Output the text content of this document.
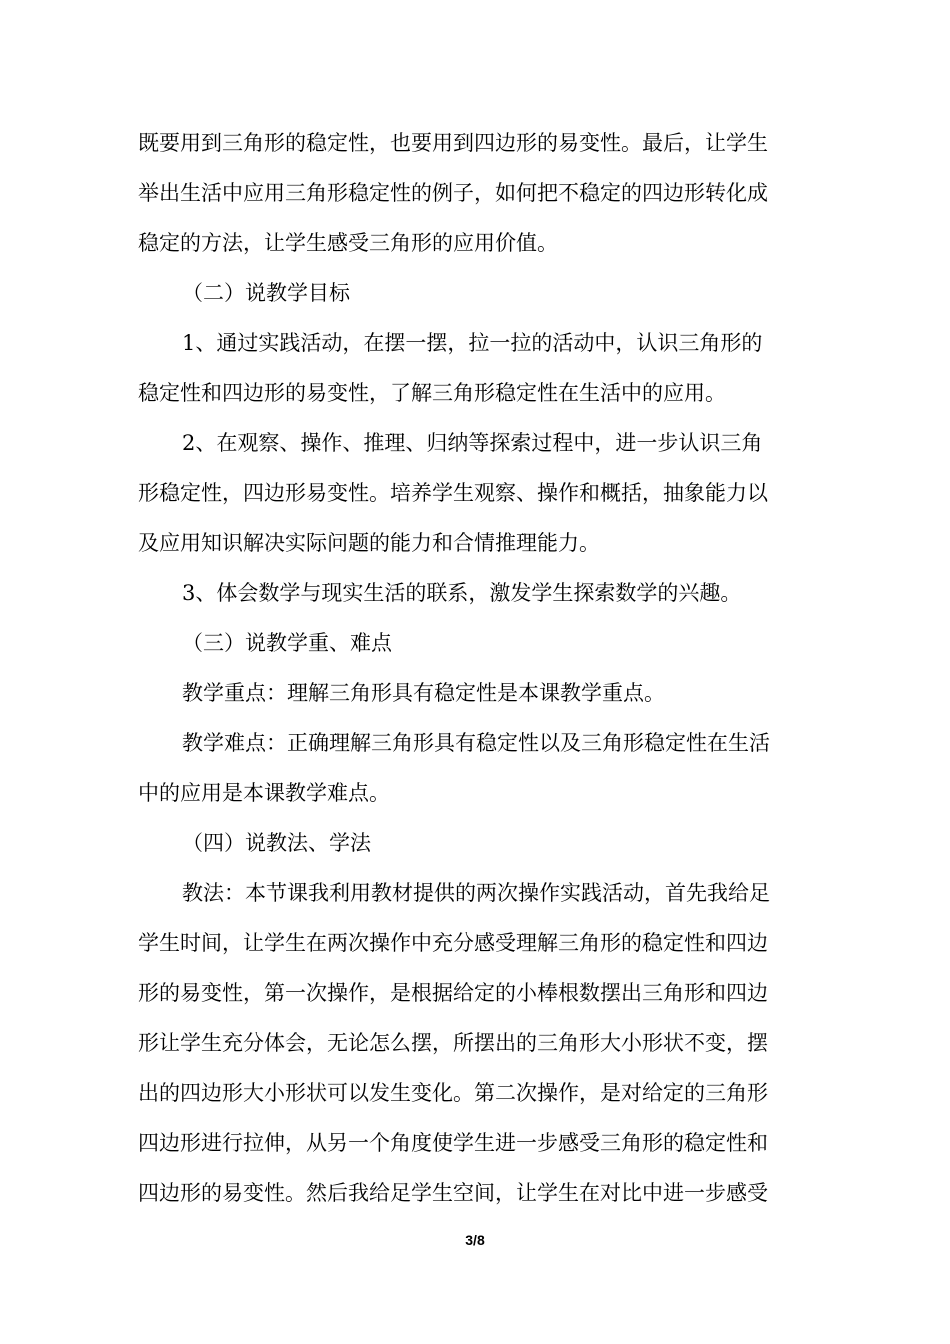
既要用到三角形的稳定性，也要用到四边形的易变性。最后，让学生
举出生活中应用三角形稳定性的例子，如何把不稳定的四边形转化成
稳定的方法，让学生感受三角形的应用价值。
（二）说教学目标
1、通过实践活动，在摆一摆，拉一拉的活动中，认识三角形的
稳定性和四边形的易变性，了解三角形稳定性在生活中的应用。
2、在观察、操作、推理、归纳等探索过程中，进一步认识三角
形稳定性，四边形易变性。培养学生观察、操作和概括，抽象能力以
及应用知识解决实际问题的能力和合情推理能力。
3、体会数学与现实生活的联系，激发学生探索数学的兴趣。
（三）说教学重、难点
教学重点：理解三角形具有稳定性是本课教学重点。
教学难点：正确理解三角形具有稳定性以及三角形稳定性在生活
中的应用是本课教学难点。
（四）说教法、学法
教法：本节课我利用教材提供的两次操作实践活动，首先我给足
学生时间，让学生在两次操作中充分感受理解三角形的稳定性和四边
形的易变性，第一次操作，是根据给定的小棒根数摆出三角形和四边
形让学生充分体会，无论怎么摆，所摆出的三角形大小形状不变，摆
出的四边形大小形状可以发生变化。第二次操作，是对给定的三角形
四边形进行拉伸，从另一个角度使学生进一步感受三角形的稳定性和
四边形的易变性。然后我给足学生空间，让学生在对比中进一步感受
3/8
